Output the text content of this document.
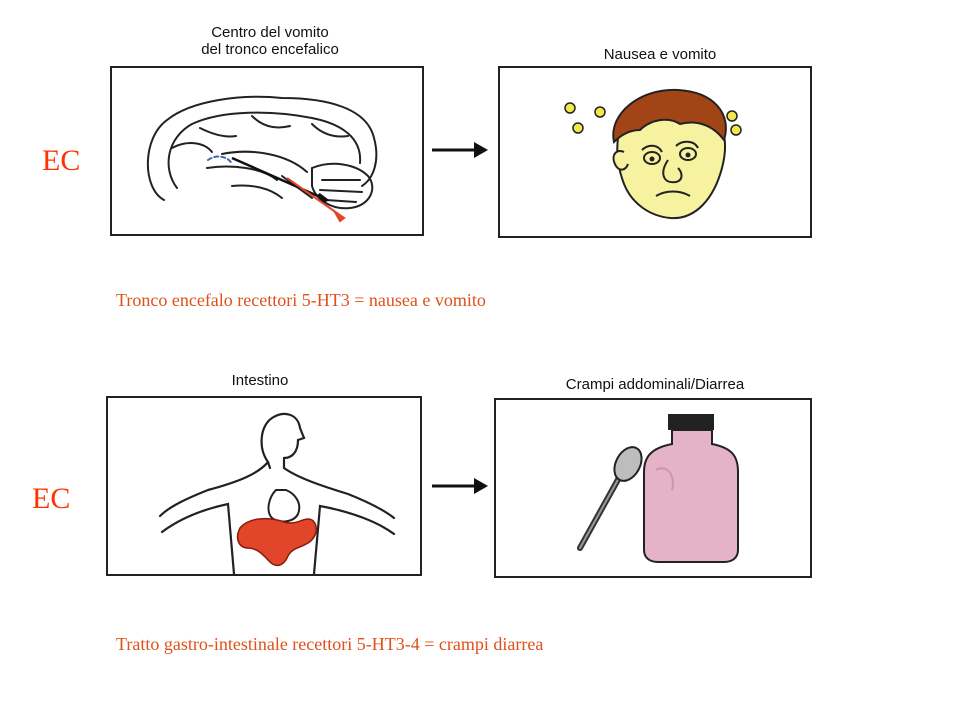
EC
Centro del vomito
del tronco encefalico	Nausea e vomito
Tronco encefalo recettori 5-HT3 = nausea e vomito
EC
Intestino	Crampi addominali/Diarrea
Tratto gastro-intestinale recettori 5-HT3-4 = crampi diarrea
